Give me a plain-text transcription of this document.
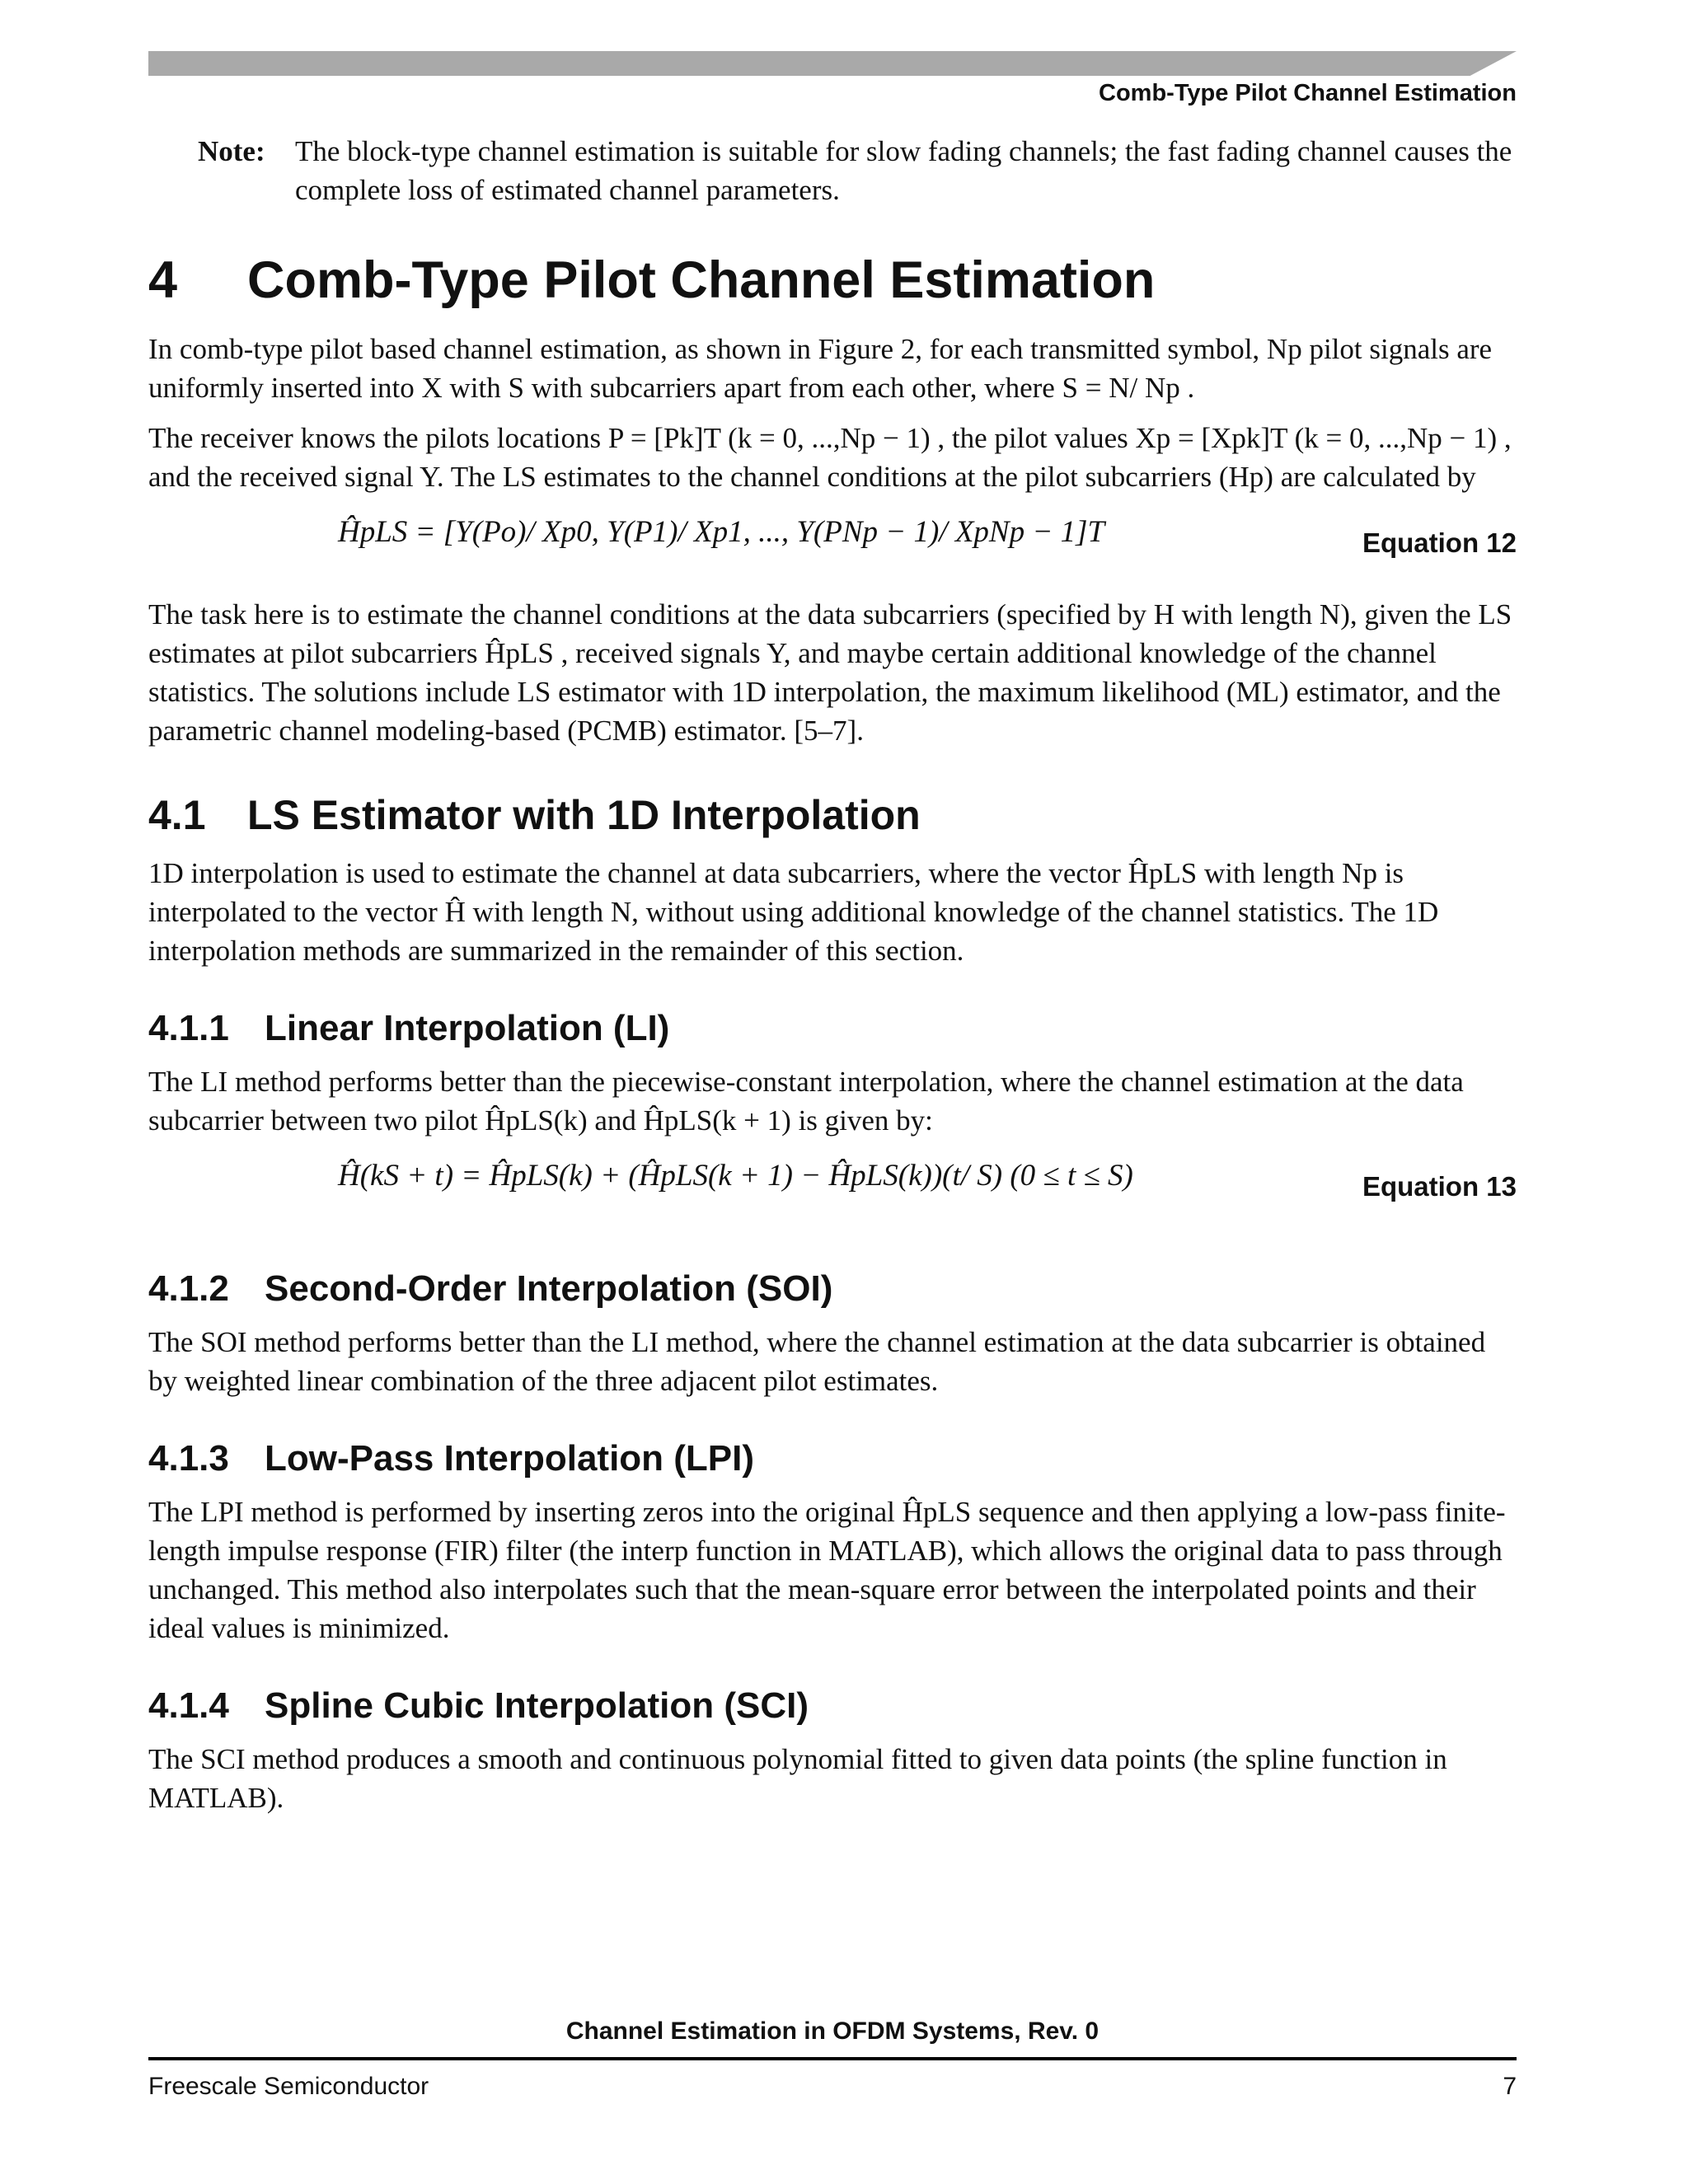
Comb-Type Pilot Channel Estimation

Note:	The block-type channel estimation is suitable for slow fading channels; the fast fading channel causes the complete loss of estimated channel parameters.

4	Comb-Type Pilot Channel Estimation

In comb-type pilot based channel estimation, as shown in Figure 2, for each transmitted symbol, Np pilot signals are uniformly inserted into X with S with subcarriers apart from each other, where S = N/ Np .

The receiver knows the pilots locations P = [Pk]T (k = 0, ...,Np − 1) , the pilot values Xp = [Xpk]T (k = 0, ...,Np − 1) , and the received signal Y. The LS estimates to the channel conditions at the pilot subcarriers (Hp) are calculated by

ĤpLS = [Y(Po)/ Xp0, Y(P1)/ Xp1, ..., Y(PNp − 1)/ XpNp − 1]T	Equation 12

The task here is to estimate the channel conditions at the data subcarriers (specified by H with length N), given the LS estimates at pilot subcarriers ĤpLS , received signals Y, and maybe certain additional knowledge of the channel statistics. The solutions include LS estimator with 1D interpolation, the maximum likelihood (ML) estimator, and the parametric channel modeling-based (PCMB) estimator. [5–7].

4.1	LS Estimator with 1D Interpolation

1D interpolation is used to estimate the channel at data subcarriers, where the vector ĤpLS with length Np is interpolated to the vector Ĥ with length N, without using additional knowledge of the channel statistics. The 1D interpolation methods are summarized in the remainder of this section.

4.1.1 Linear Interpolation (LI)

The LI method performs better than the piecewise-constant interpolation, where the channel estimation at the data subcarrier between two pilot ĤpLS(k) and ĤpLS(k + 1) is given by:

Ĥ(kS + t) = ĤpLS(k) + (ĤpLS(k + 1) − ĤpLS(k))(t/ S) (0 ≤ t ≤ S)	Equation 13
4.1.2 Second-Order Interpolation (SOI)

The SOI method performs better than the LI method, where the channel estimation at the data subcarrier is obtained by weighted linear combination of the three adjacent pilot estimates.

4.1.3 Low-Pass Interpolation (LPI)

The LPI method is performed by inserting zeros into the original ĤpLS sequence and then applying a low-pass finite-length impulse response (FIR) filter (the interp function in MATLAB), which allows the original data to pass through unchanged. This method also interpolates such that the mean-square error between the interpolated points and their ideal values is minimized.

4.1.4 Spline Cubic Interpolation (SCI)

The SCI method produces a smooth and continuous polynomial fitted to given data points (the spline function in MATLAB).

Channel Estimation in OFDM Systems, Rev. 0
Freescale Semiconductor	7
